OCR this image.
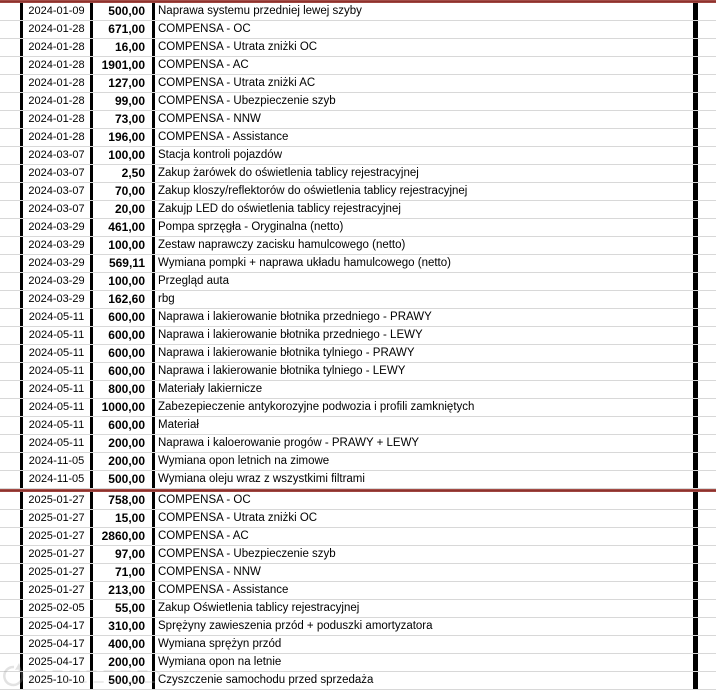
2024-01-09	500,00	Naprawa systemu przedniej lewej szyby
2024-01-28	671,00	COMPENSA - OC
2024-01-28	16,00	COMPENSA - Utrata zniżki OC
2024-01-28	1901,00	COMPENSA - AC
2024-01-28	127,00	COMPENSA - Utrata zniżki AC
2024-01-28	99,00	COMPENSA - Ubezpieczenie szyb
2024-01-28	73,00	COMPENSA - NNW
2024-01-28	196,00	COMPENSA - Assistance
2024-03-07	100,00	Stacja kontroli pojazdów
2024-03-07	2,50	Zakup żarówek do oświetlenia tablicy rejestracyjnej
2024-03-07	70,00	Zakup kloszy/reflektorów do oświetlenia tablicy rejestracyjnej
2024-03-07	20,00	Zakujp LED do oświetlenia tablicy rejestracyjnej
2024-03-29	461,00	Pompa sprzęgła - Oryginalna (netto)
2024-03-29	100,00	Zestaw naprawczy zacisku hamulcowego (netto)
2024-03-29	569,11	Wymiana pompki + naprawa układu hamulcowego (netto)
2024-03-29	100,00	Przegląd auta
2024-03-29	162,60	rbg
2024-05-11	600,00	Naprawa i lakierowanie błotnika przedniego - PRAWY
2024-05-11	600,00	Naprawa i lakierowanie błotnika przedniego - LEWY
2024-05-11	600,00	Naprawa i lakierowanie błotnika tylniego - PRAWY
2024-05-11	600,00	Naprawa i lakierowanie błotnika tylniego - LEWY
2024-05-11	800,00	Materiały lakiernicze
2024-05-11	1000,00	Zabezepieczenie antykorozyjne podwozia i profili zamkniętych
2024-05-11	600,00	Materiał
2024-05-11	200,00	Naprawa i kaloerowanie progów - PRAWY + LEWY
2024-11-05	200,00	Wymiana opon letnich na zimowe
2024-11-05	500,00	Wymiana oleju wraz z wszystkimi filtrami
2025-01-27	758,00	COMPENSA - OC
2025-01-27	15,00	COMPENSA - Utrata zniżki OC
2025-01-27	2860,00	COMPENSA - AC
2025-01-27	97,00	COMPENSA - Ubezpieczenie szyb
2025-01-27	71,00	COMPENSA - NNW
2025-01-27	213,00	COMPENSA - Assistance
2025-02-05	55,00	Zakup Oświetlenia tablicy rejestracyjnej
2025-04-17	310,00	Sprężyny zawieszenia przód + poduszki amortyzatora
2025-04-17	400,00	Wymiana sprężyn przód
2025-04-17	200,00	Wymiana opon na letnie
2025-10-10	500,00	Czyszczenie samochodu przed sprzedaża
